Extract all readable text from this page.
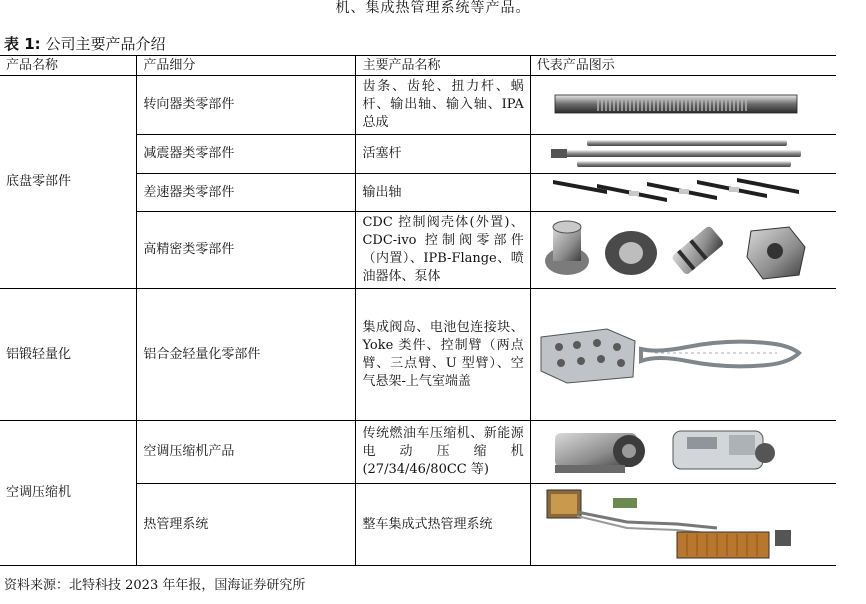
机、集成热管理系统等产品。
表 1: 公司主要产品介绍
产品名称	产品细分	主要产品名称	代表产品图示
底盘零部件	转向器类零部件	齿条、齿轮、扭力杆、蜗杆、输出轴、输入轴、IPA 总成	

	减震器类零部件	活塞杆	

	差速器类零部件	输出轴	

	高精密类零部件	CDC 控制阀壳体(外置)、CDC-ivo 控制阀零部件（内置）、IPB-Flange、喷油器体、泵体	

铝锻轻量化	铝合金轻量化零部件	集成阀岛、电池包连接块、Yoke 类件、控制臂（两点臂、三点臂、U 型臂）、空气悬架-上气室端盖	

空调压缩机	空调压缩机产品	传统燃油车压缩机、新能源电动压缩机(27/34/46/80CC 等)	

	热管理系统	整车集成式热管理系统	
资料来源：北特科技 2023 年年报，国海证券研究所
